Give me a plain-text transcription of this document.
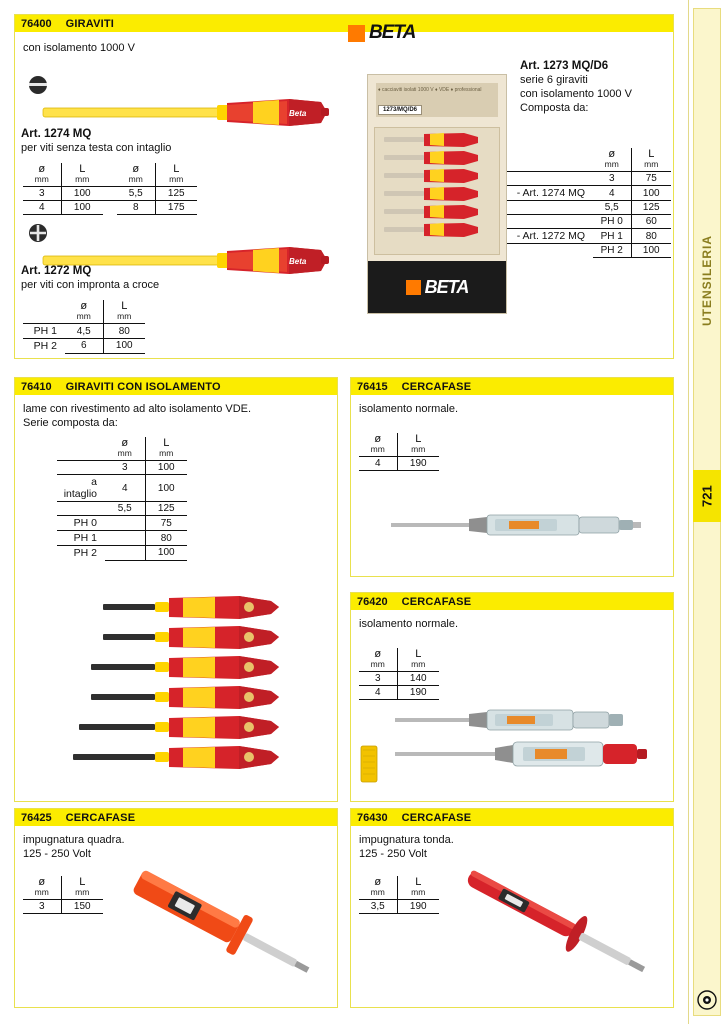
UTENSILERIA
721
76400 GIRAVITI	BETA

con isolamento 1000 V

Beta
Art. 1274 MQ
per viti senza testa con intaglio
ø
mm	L
mm		ø
mm	L
mm

3	100		5,5	125
4	100		8	175

Beta
Art. 1272 MQ
per viti con impronta a croce

	ø
mm	L
mm

PH 1	4,5	80
PH 2	6	100

♦ cacciaviti isolati 1000 V ♦ VDE ♦ professional
1273/MQ/D6
BETA
Art. 1273 MQ/D6
serie 6 giraviti
con isolamento 1000 V
Composta da:

	ø
mm	L
mm

	3	75
- Art. 1274 MQ	4	100
	5,5	125
	PH 0	60
- Art. 1272 MQ	PH 1	80
	PH 2	100

76410 GIRAVITI CON ISOLAMENTO

lame con rivestimento ad alto isolamento VDE.

Serie composta da:

	ø
mm	L
mm

	3	100
a intaglio	4	100
	5,5	125
PH 0		75
PH 1		80
PH 2		100

76415 CERCAFASE

isolamento normale.

ø
mm	L
mm

4	190

76420 CERCAFASE

isolamento normale.

ø
mm	L
mm

3	140
4	190

76425 CERCAFASE

impugnatura quadra.

125 - 250 Volt

ø
mm	L
mm

3	150

76430 CERCAFASE

impugnatura tonda.

125 - 250 Volt

ø
mm	L
mm

3,5	190
